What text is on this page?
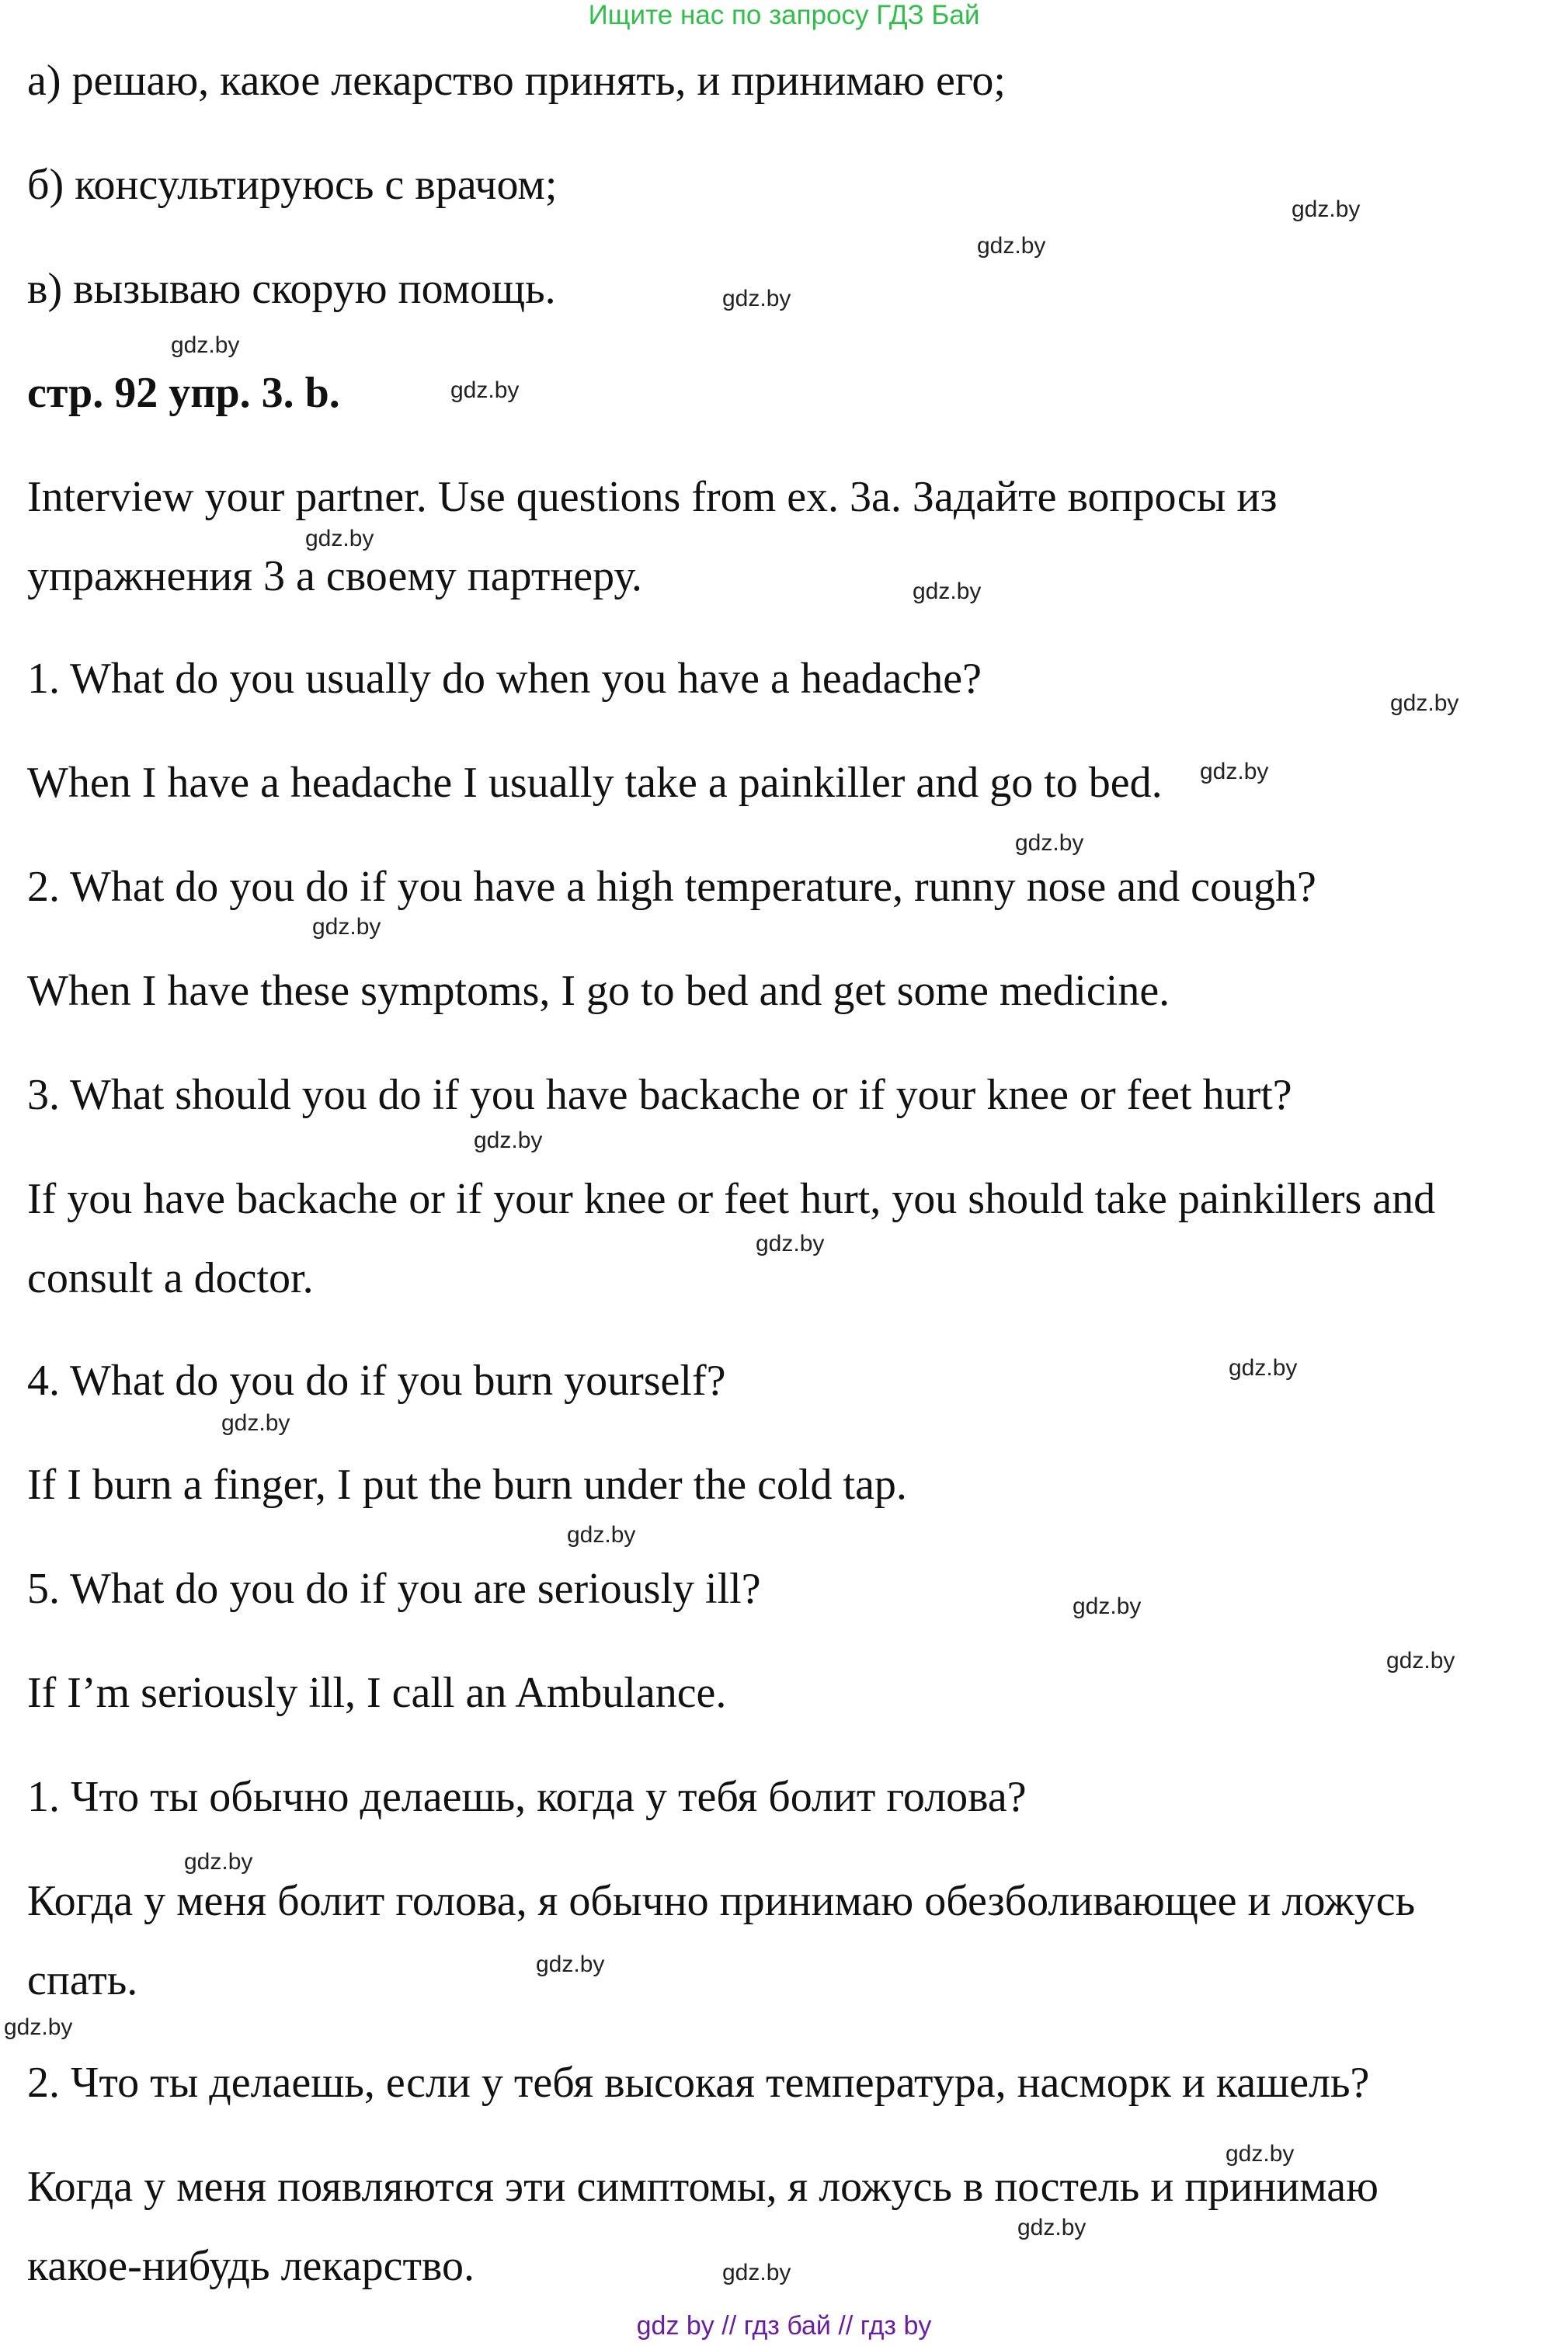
Ищите нас по запросу ГДЗ Бай
а) решаю, какое лекарство принять, и принимаю его;
б) консультируюсь с врачом;
в) вызываю скорую помощь.
стр. 92 упр. 3. b.
Interview your partner. Use questions from ex. 3a. Задайте вопросы из
упражнения 3 а своему партнеру.
1. What do you usually do when you have a headache?
When I have a headache I usually take a painkiller and go to bed.
2. What do you do if you have a high temperature, runny nose and cough?
When I have these symptoms, I go to bed and get some medicine.
3. What should you do if you have backache or if your knee or feet hurt?
If you have backache or if your knee or feet hurt, you should take painkillers and
consult a doctor.
4. What do you do if you burn yourself?
If I burn a finger, I put the burn under the cold tap.
5. What do you do if you are seriously ill?
If I’m seriously ill, I call an Ambulance.
1. Что ты обычно делаешь, когда у тебя болит голова?
Когда у меня болит голова, я обычно принимаю обезболивающее и ложусь
спать.
2. Что ты делаешь, если у тебя высокая температура, насморк и кашель?
Когда у меня появляются эти симптомы, я ложусь в постель и принимаю
какое-нибудь лекарство.
gdz.by
gdz.by
gdz.by
gdz.by
gdz.by
gdz.by
gdz.by
gdz.by
gdz.by
gdz.by
gdz.by
gdz.by
gdz.by
gdz.by
gdz.by
gdz.by
gdz.by
gdz.by
gdz.by
gdz.by
gdz.by
gdz.by
gdz.by
gdz.by
gdz by // гдз бай // гдз by
